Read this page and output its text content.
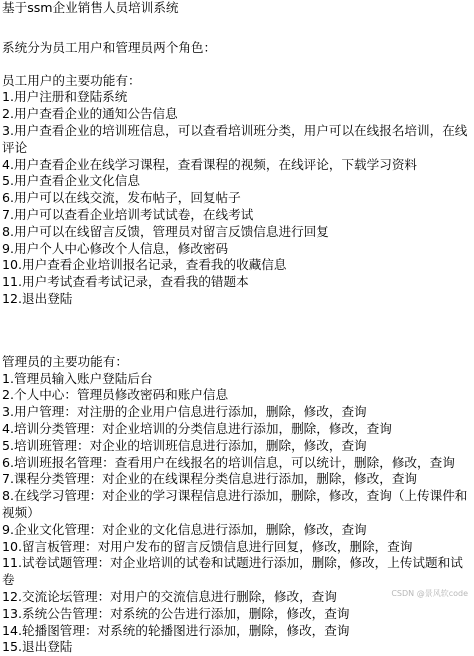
基于ssm企业销售人员培训系统

系统分为员工用户和管理员两个角色：

员工用户的主要功能有：

1.用户注册和登陆系统

2.用户查看企业的通知公告信息

3.用户查看企业的培训班信息，可以查看培训班分类，用户可以在线报名培训，在线评论

4.用户查看企业在线学习课程，查看课程的视频，在线评论，下载学习资料

5.用户查看企业文化信息

6.用户可以在线交流，发布帖子，回复帖子

7.用户可以查看企业培训考试试卷，在线考试

8.用户可以在线留言反馈，管理员对留言反馈信息进行回复

9.用户个人中心修改个人信息，修改密码

10.用户查看企业培训报名记录，查看我的收藏信息

11.用户考试查看考试记录，查看我的错题本

12.退出登陆

管理员的主要功能有：

1.管理员输入账户登陆后台

2.个人中心：管理员修改密码和账户信息

3.用户管理：对注册的企业用户信息进行添加，删除，修改，查询

4.培训分类管理：对企业培训的分类信息进行添加，删除，修改，查询

5.培训班管理：对企业的培训班信息进行添加，删除，修改，查询

6.培训班报名管理：查看用户在线报名的培训信息，可以统计，删除，修改，查询

7.课程分类管理：对企业的在线课程分类信息进行添加，删除，修改，查询

8.在线学习管理：对企业的学习课程信息进行添加，删除，修改，查询（上传课件和视频）

9.企业文化管理：对企业的文化信息进行添加，删除，修改，查询

10.留言板管理：对用户发布的留言反馈信息进行回复，修改，删除，查询

11.试卷试题管理：对企业培训的试卷和试题进行添加，删除，修改，上传试题和试卷

12.交流论坛管理：对用户的交流信息进行删除，修改，查询

13.系统公告管理：对系统的公告进行添加，删除，修改，查询

14.轮播图管理：对系统的轮播图进行添加，删除，修改，查询

15.退出登陆

CSDN @景风软code
